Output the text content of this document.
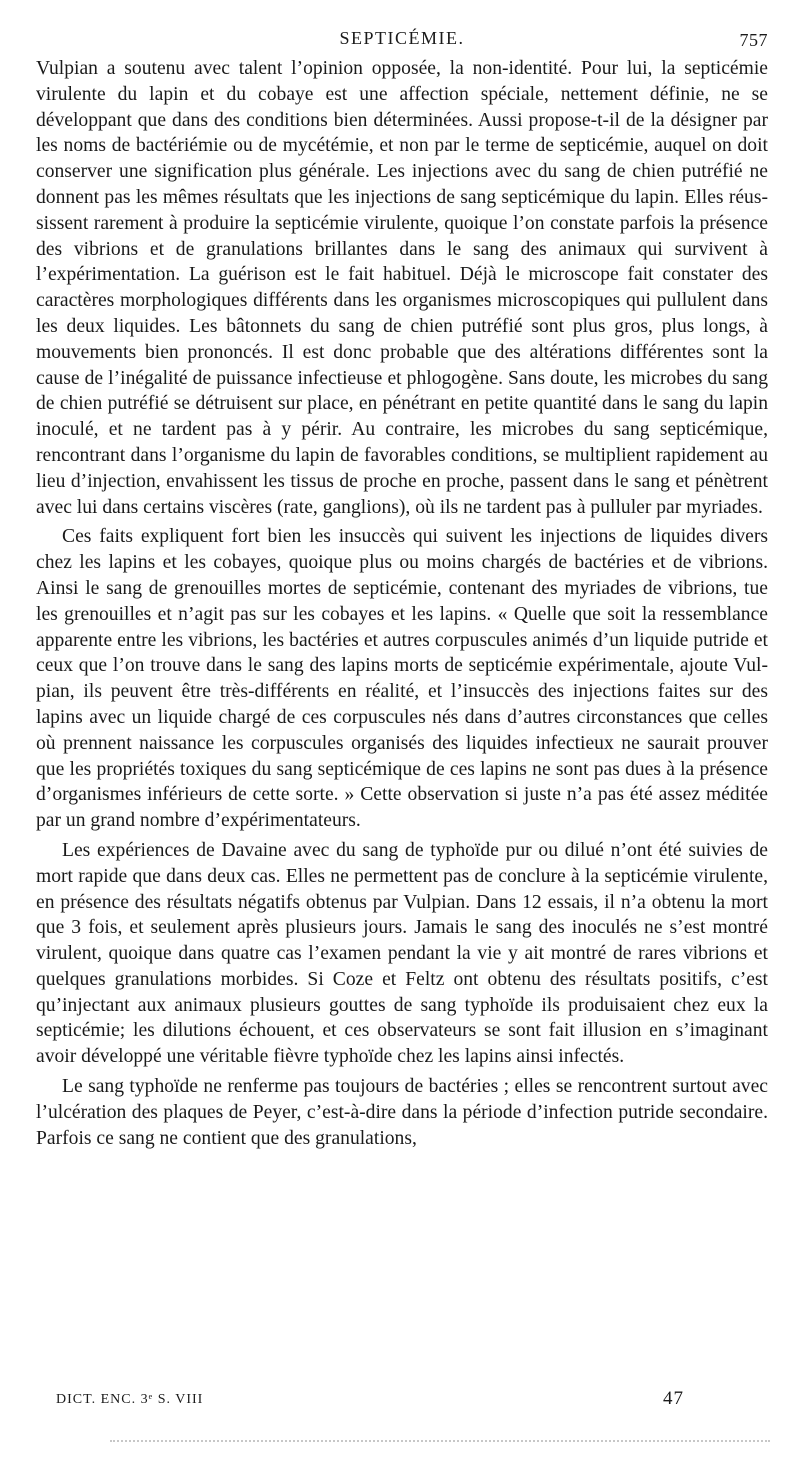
SEPTICÉMIE.	757

Vulpian a soutenu avec talent l’opinion opposée, la non-identité. Pour lui, la septicémie virulente du lapin et du cobaye est une affection spéciale, nettement définie, ne se développant que dans des conditions bien déterminées. Aussi propose-t-il de la désigner par les noms de bactériémie ou de mycétémie, et non par le terme de septicémie, auquel on doit conserver une signification plus générale. Les injections avec du sang de chien putréfié ne donnent pas les mêmes résultats que les injections de sang septicémique du lapin. Elles réussissent rarement à produire la septicémie virulente, quoique l’on constate parfois la présence des vibrions et de granulations brillantes dans le sang des animaux qui survivent à l’expérimentation. La guérison est le fait habituel. Déjà le microscope fait constater des caractères morphologiques différents dans les organismes microscopiques qui pullulent dans les deux liquides. Les bâtonnets du sang de chien putréfié sont plus gros, plus longs, à mouvements bien prononcés. Il est donc probable que des altérations différentes sont la cause de l’inégalité de puissance infectieuse et phlogogène. Sans doute, les microbes du sang de chien putréfié se détruisent sur place, en pénétrant en petite quantité dans le sang du lapin inoculé, et ne tardent pas à y périr. Au contraire, les microbes du sang septicémique, rencontrant dans l’organisme du lapin de favorables conditions, se multiplient rapidement au lieu d’injection, envahissent les tissus de proche en proche, passent dans le sang et pénètrent avec lui dans certains viscères (rate, ganglions), où ils ne tardent pas à pulluler par myriades.

Ces faits expliquent fort bien les insuccès qui suivent les injections de liquides divers chez les lapins et les cobayes, quoique plus ou moins chargés de bactéries et de vibrions. Ainsi le sang de grenouilles mortes de septicémie, contenant des myriades de vibrions, tue les grenouilles et n’agit pas sur les cobayes et les lapins. « Quelle que soit la ressemblance apparente entre les vibrions, les bactéries et autres corpuscules animés d’un liquide putride et ceux que l’on trouve dans le sang des lapins morts de septicémie expérimentale, ajoute Vulpian, ils peuvent être très-différents en réalité, et l’insuccès des injections faites sur des lapins avec un liquide chargé de ces corpuscules nés dans d’autres circonstances que celles où prennent naissance les corpuscules organisés des liquides infectieux ne saurait prouver que les propriétés toxiques du sang septicémique de ces lapins ne sont pas dues à la présence d’organismes inférieurs de cette sorte. » Cette observation si juste n’a pas été assez méditée par un grand nombre d’expérimentateurs.

Les expériences de Davaine avec du sang de typhoïde pur ou dilué n’ont été suivies de mort rapide que dans deux cas. Elles ne permettent pas de conclure à la septicémie virulente, en présence des résultats négatifs obtenus par Vulpian. Dans 12 essais, il n’a obtenu la mort que 3 fois, et seulement après plusieurs jours. Jamais le sang des inoculés ne s’est montré virulent, quoique dans quatre cas l’examen pendant la vie y ait montré de rares vibrions et quelques granulations morbides. Si Coze et Feltz ont obtenu des résultats positifs, c’est qu’injectant aux animaux plusieurs gouttes de sang typhoïde ils produisaient chez eux la septicémie; les dilutions échouent, et ces observateurs se sont fait illusion en s’imaginant avoir développé une véritable fièvre typhoïde chez les lapins ainsi infectés.

Le sang typhoïde ne renferme pas toujours de bactéries ; elles se rencontrent surtout avec l’ulcération des plaques de Peyer, c’est-à-dire dans la période d’infection putride secondaire. Parfois ce sang ne contient que des granulations,

DICT. ENC. 3ᵉ S. VIII	47
